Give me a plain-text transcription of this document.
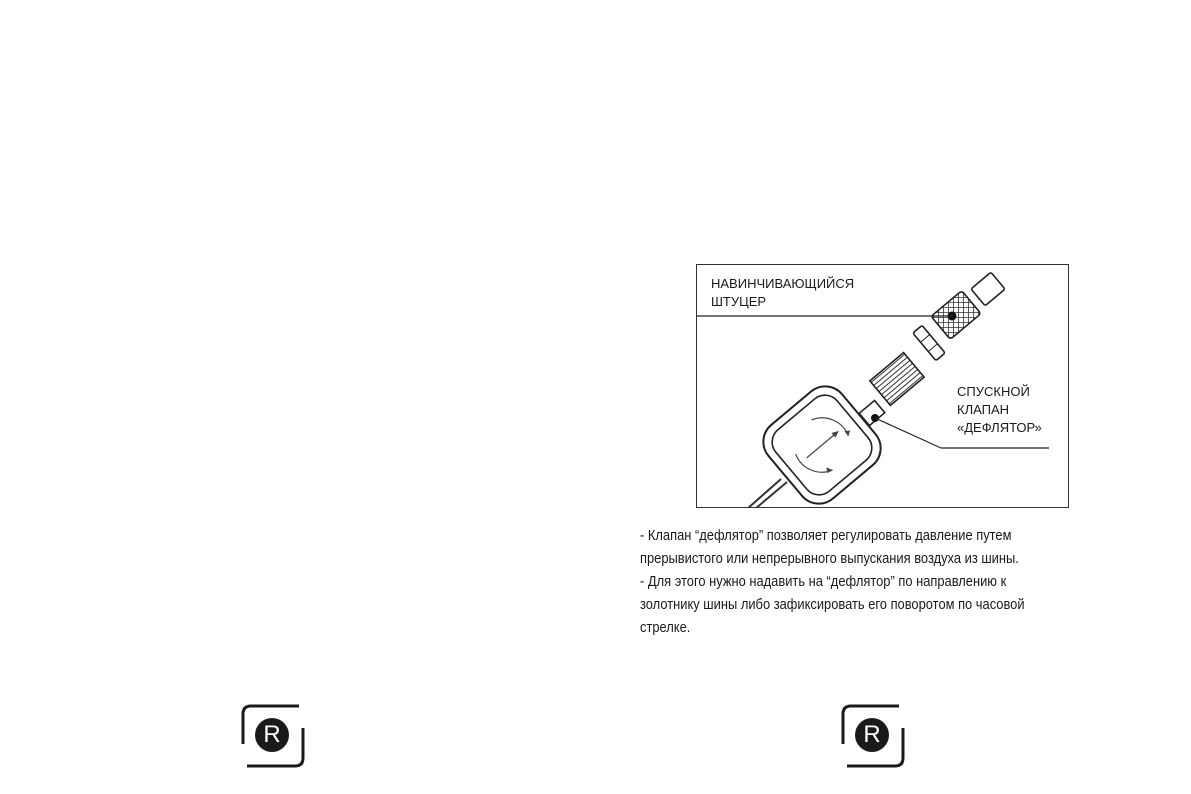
НАВИНЧИВАЮЩИЙСЯ
ШТУЦЕР
СПУСКНОЙ
КЛАПАН
«ДЕФЛЯТОР»

- Клапан “дефлятор” позволяет регулировать давление путем

прерывистого или непрерывного выпускания воздуха из шины.

- Для этого нужно надавить на “дефлятор” по направлению к

золотнику шины либо зафиксировать его поворотом по часовой

стрелке.

R	R
